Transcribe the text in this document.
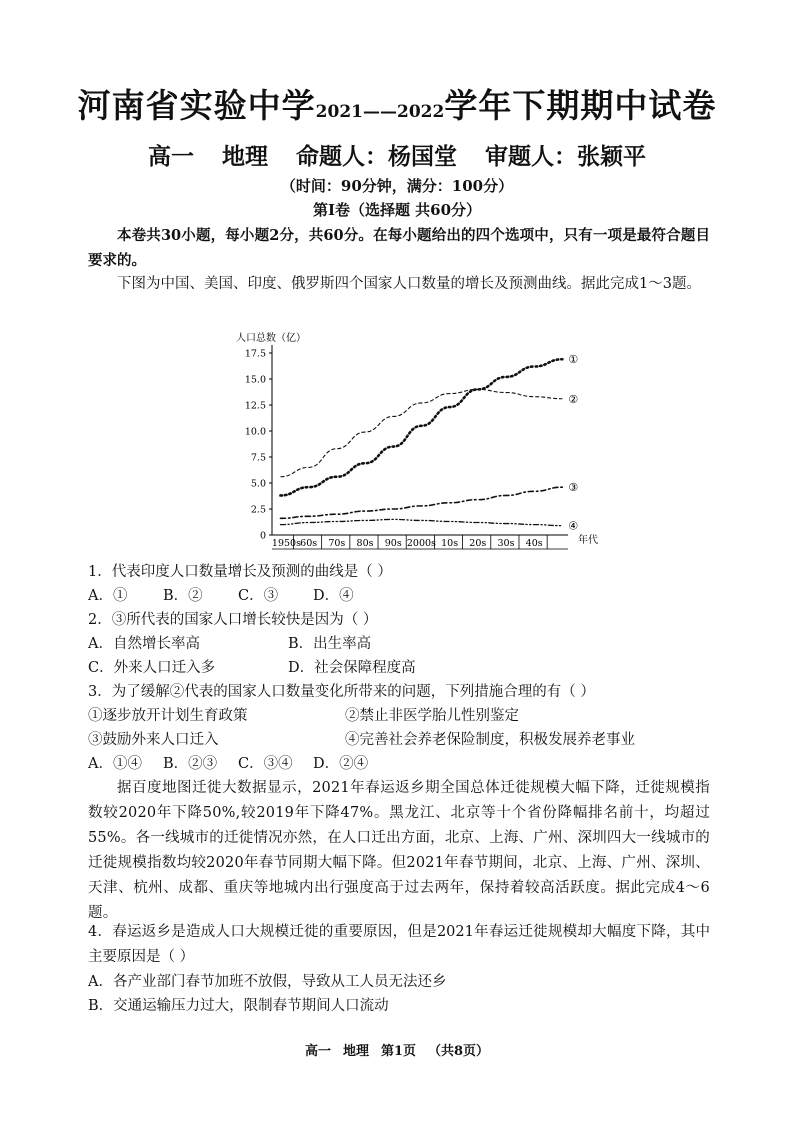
河南省实验中学2021——2022学年下期期中试卷
高一 地理 命题人：杨国堂 审题人：张颖平
（时间：90分钟，满分：100分）
第Ⅰ卷（选择题 共60分）
本卷共30小题，每小题2分，共60分。在每小题给出的四个选项中，只有一项是最符合题目要求的。
下图为中国、美国、印度、俄罗斯四个国家人口数量的增长及预测曲线。据此完成1～3题。
人口总数（亿）
17.5
15.0
12.5
10.0
7.5
5.0
2.5
0
1950s 60s 70s 80s 90s 2000s 10s 20s 30s 40s
①
②
③
④
年代
1．代表印度人口数量增长及预测的曲线是（ ）
A．① B．② C．③ D．④
2．③所代表的国家人口增长较快是因为（ ）
A．自然增长率高	B．出生率高
C．外来人口迁入多	D．社会保障程度高
3．为了缓解②代表的国家人口数量变化所带来的问题，下列措施合理的有（ ）
①逐步放开计划生育政策	②禁止非医学胎儿性别鉴定
③鼓励外来人口迁入	④完善社会养老保险制度，积极发展养老事业
A．①④ B．②③ C．③④ D．②④
据百度地图迁徙大数据显示，2021年春运返乡期全国总体迁徙规模大幅下降，迁徙规模指数较2020年下降50%,较2019年下降47%。黑龙江、北京等十个省份降幅排名前十，均超过55%。各一线城市的迁徙情况亦然，在人口迁出方面，北京、上海、广州、深圳四大一线城市的迁徙规模指数均较2020年春节同期大幅下降。但2021年春节期间，北京、上海、广州、深圳、天津、杭州、成都、重庆等地城内出行强度高于过去两年，保持着较高活跃度。据此完成4～6题。
4．春运返乡是造成人口大规模迁徙的重要原因，但是2021年春运迁徙规模却大幅度下降，其中主要原因是（ ）
A．各产业部门春节加班不放假，导致从工人员无法还乡
B．交通运输压力过大，限制春节期间人口流动
高一 地理 第1页 （共8页）
